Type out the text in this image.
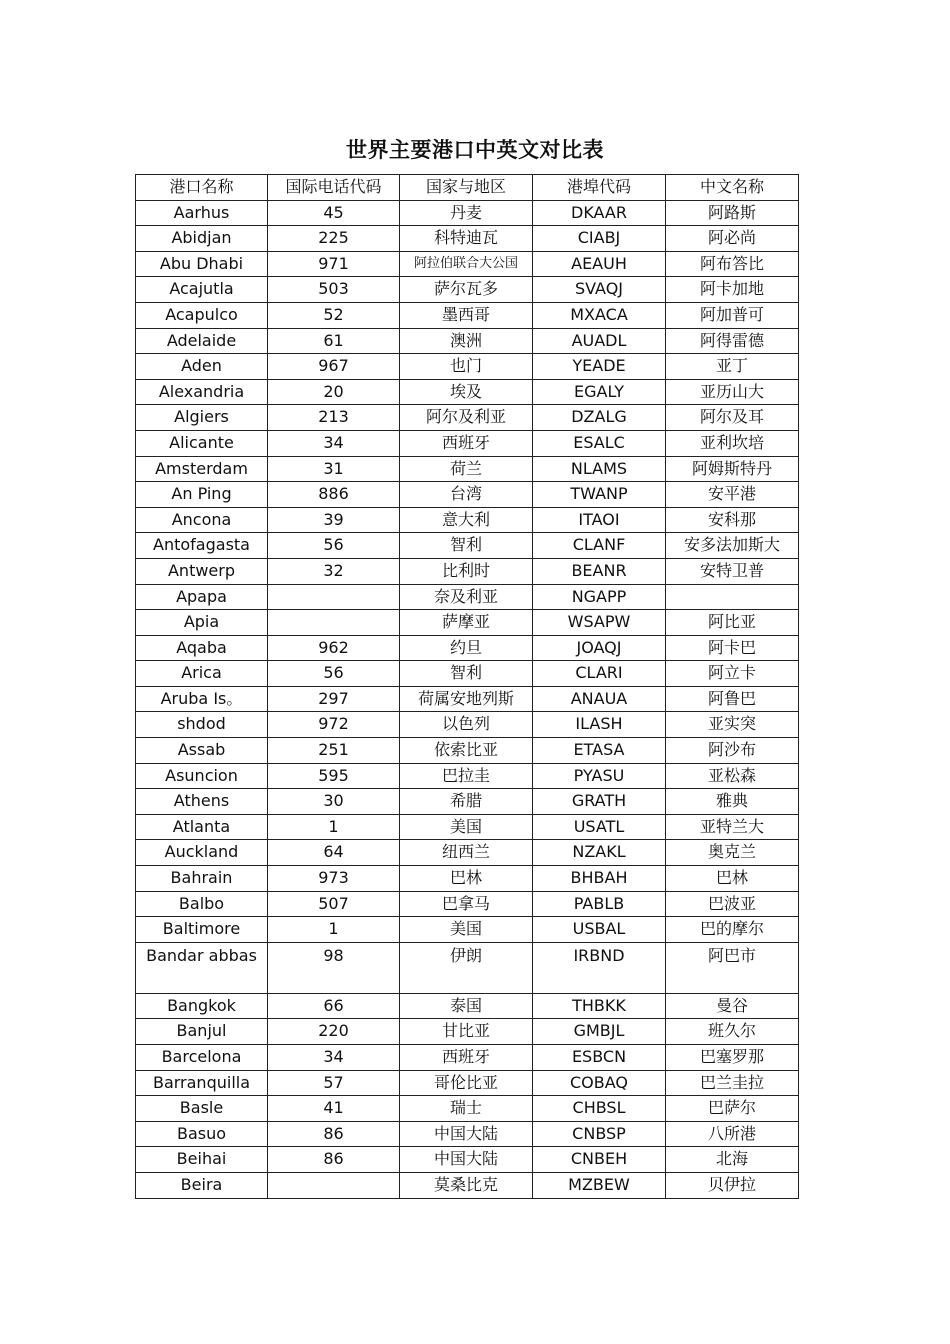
世界主要港口中英文对比表
港口名称	国际电话代码	国家与地区	港埠代码	中文名称
Aarhus	45	丹麦	DKAAR	阿路斯
Abidjan	225	科特迪瓦	CIABJ	阿必尚
Abu Dhabi	971	阿拉伯联合大公国	AEAUH	阿布答比
Acajutla	503	萨尔瓦多	SVAQJ	阿卡加地
Acapulco	52	墨西哥	MXACA	阿加普可
Adelaide	61	澳洲	AUADL	阿得雷德
Aden	967	也门	YEADE	亚丁
Alexandria	20	埃及	EGALY	亚历山大
Algiers	213	阿尔及利亚	DZALG	阿尔及耳
Alicante	34	西班牙	ESALC	亚利坎培
Amsterdam	31	荷兰	NLAMS	阿姆斯特丹
An Ping	886	台湾	TWANP	安平港
Ancona	39	意大利	ITAOI	安科那
Antofagasta	56	智利	CLANF	安多法加斯大
Antwerp	32	比利时	BEANR	安特卫普
Apapa		奈及利亚	NGAPP	
Apia		萨摩亚	WSAPW	阿比亚
Aqaba	962	约旦	JOAQJ	阿卡巴
Arica	56	智利	CLARI	阿立卡
Aruba Is。	297	荷属安地列斯	ANAUA	阿鲁巴
shdod	972	以色列	ILASH	亚实突
Assab	251	依索比亚	ETASA	阿沙布
Asuncion	595	巴拉圭	PYASU	亚松森
Athens	30	希腊	GRATH	雅典
Atlanta	1	美国	USATL	亚特兰大
Auckland	64	纽西兰	NZAKL	奥克兰
Bahrain	973	巴林	BHBAH	巴林
Balbo	507	巴拿马	PABLB	巴波亚
Baltimore	1	美国	USBAL	巴的摩尔
Bandar abbas	98	伊朗	IRBND	阿巴市
Bangkok	66	泰国	THBKK	曼谷
Banjul	220	甘比亚	GMBJL	班久尔
Barcelona	34	西班牙	ESBCN	巴塞罗那
Barranquilla	57	哥伦比亚	COBAQ	巴兰圭拉
Basle	41	瑞士	CHBSL	巴萨尔
Basuo	86	中国大陆	CNBSP	八所港
Beihai	86	中国大陆	CNBEH	北海
Beira		莫桑比克	MZBEW	贝伊拉
